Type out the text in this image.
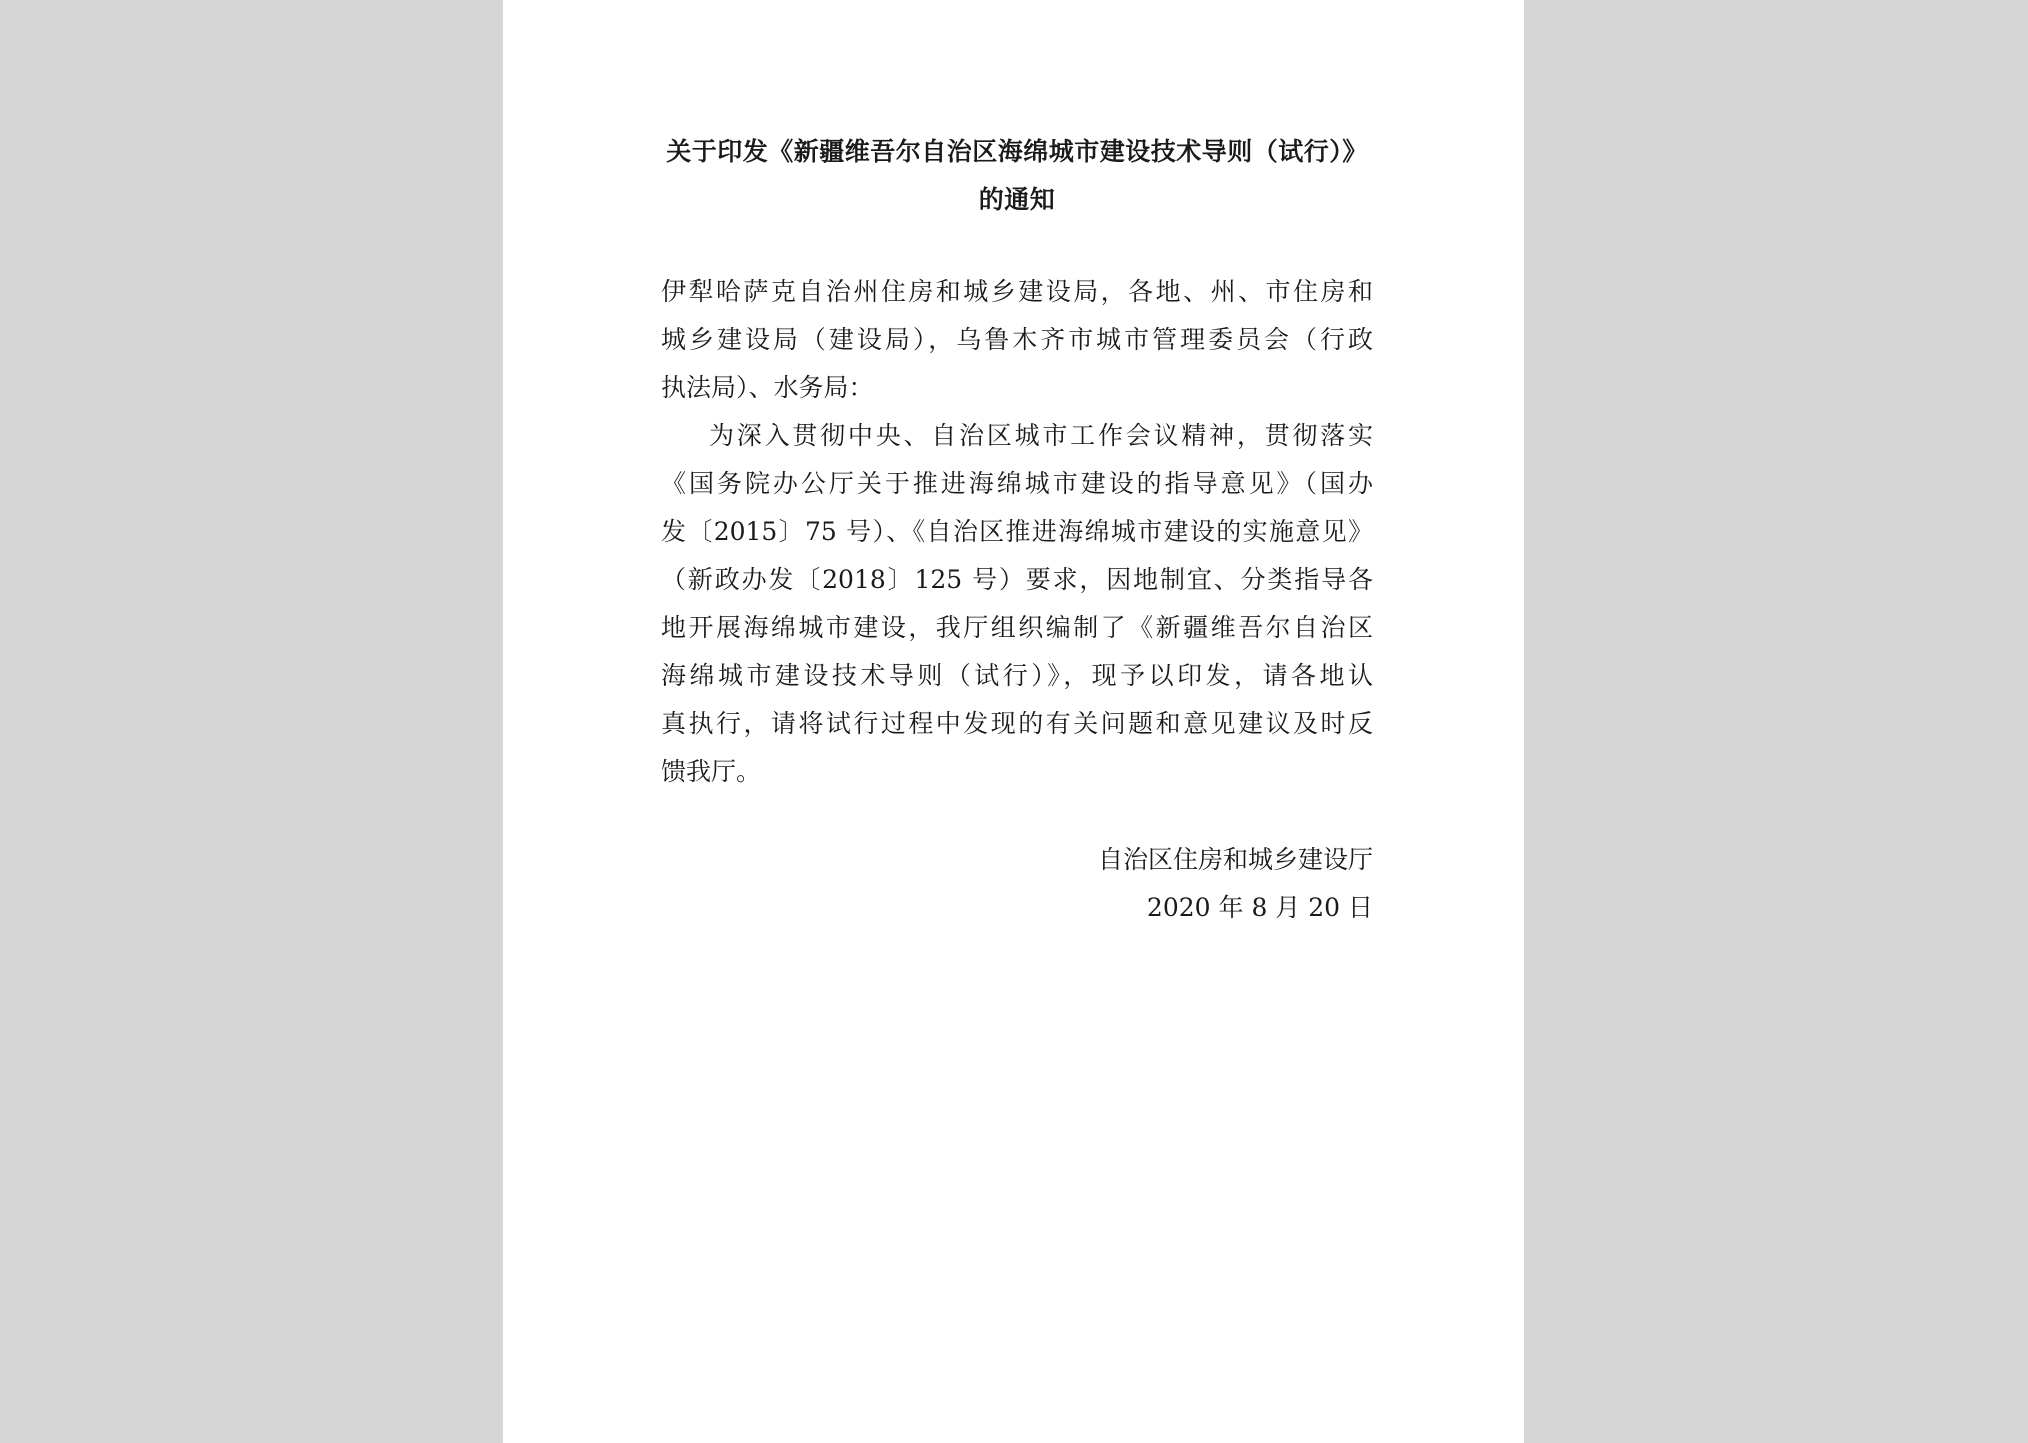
关于印发《新疆维吾尔自治区海绵城市建设技术导则（试行）》
的通知
伊犁哈萨克自治州住房和城乡建设局，各地、州、市住房和
城乡建设局（建设局），乌鲁木齐市城市管理委员会（行政
执法局）、水务局：
为深入贯彻中央、自治区城市工作会议精神，贯彻落实
《国务院办公厅关于推进海绵城市建设的指导意见》（国办
发〔2015〕75 号）、《自治区推进海绵城市建设的实施意见》
（新政办发〔2018〕125 号）要求，因地制宜、分类指导各
地开展海绵城市建设，我厅组织编制了《新疆维吾尔自治区
海绵城市建设技术导则（试行）》，现予以印发，请各地认
真执行，请将试行过程中发现的有关问题和意见建议及时反
馈我厅。
自治区住房和城乡建设厅
2020 年 8 月 20 日
